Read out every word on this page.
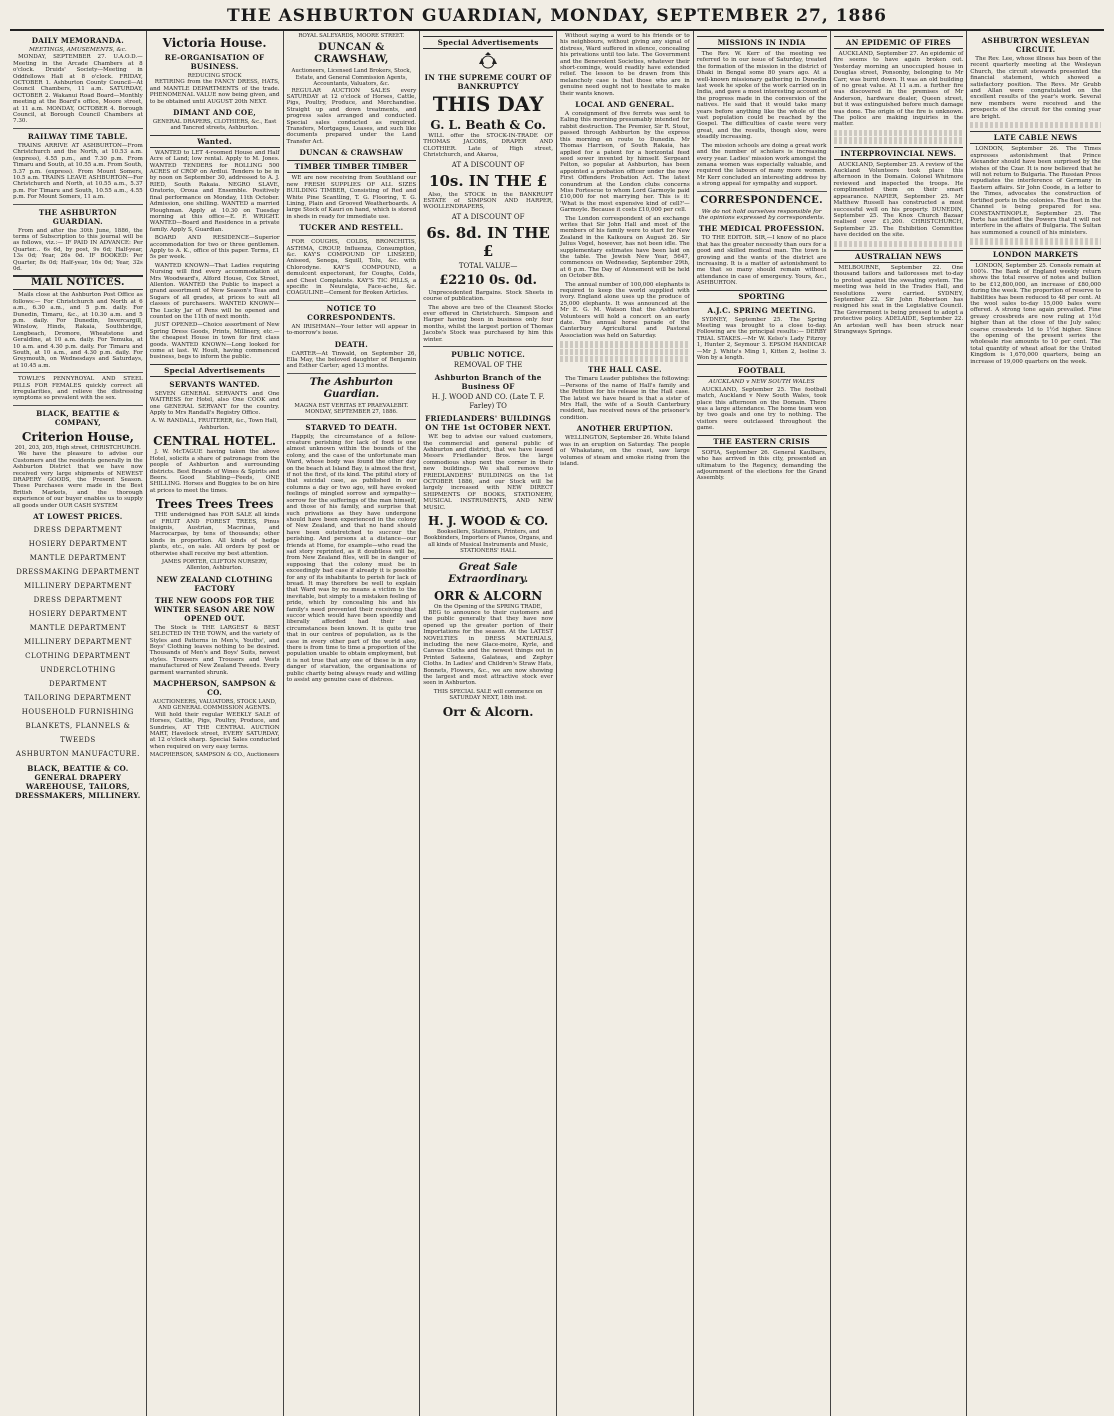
THE ASHBURTON GUARDIAN, MONDAY, SEPTEMBER 27, 1886
DAILY MEMORANDA.
MEETINGS, AMUSEMENTS, &c.

MONDAY, SEPTEMBER 27. U.A.O.D.—Meeting in the Arcade Chambers at 8 o'clock. Druids' Society—Meeting in Oddfellows Hall at 8 o'clock. FRIDAY, OCTOBER 1. Ashburton County Council—At Council Chambers, 11 a.m. SATURDAY, OCTOBER 2. Wakanui Road Board—Monthly meeting at the Board's office, Moore street, at 11 a.m. MONDAY, OCTOBER 4. Borough Council, at Borough Council Chambers at 7.30.

RAILWAY TIME TABLE.

TRAINS ARRIVE AT ASHBURTON—From Christchurch and the North, at 10.53 a.m. (express), 4.55 p.m., and 7.30 p.m. From Timaru and South, at 10.55 a.m. From South, 5.37 p.m. (express). From Mount Somers, 10.5 a.m. TRAINS LEAVE ASHBURTON—For Christchurch and North, at 10.55 a.m., 5.37 p.m. For Timaru and South, 10.55 a.m., 4.55 p.m. For Mount Somers, 11 a.m.

THE ASHBURTON GUARDIAN.

From and after the 30th June, 1886, the terms of Subscription to this journal will be as follows, viz.:— IF PAID IN ADVANCE: Per Quarter... 6s 6d, by post, 9s 6d; Half-year, 13s 0d; Year, 26s 0d. IF BOOKED: Per Quarter, 8s 0d; Half-year, 16s 0d; Year, 32s 0d.

MAIL NOTICES.

Mails close at the Ashburton Post Office as follows:— For Christchurch and North at 6 a.m., 6.30 a.m., and 5 p.m. daily. For Dunedin, Timaru, &c., at 10.30 a.m. and 5 p.m. daily. For Dunedin, Invercargill, Winslow, Hinds, Rakaia, Southbridge, Longbeach, Dromore, Wheatstone and Geraldine, at 10 a.m. daily. For Temuka, at 10 a.m. and 4.30 p.m. daily. For Timaru and South, at 10 a.m., and 4.30 p.m. daily. For Greymouth, on Wednesdays and Saturdays, at 10.45 a.m.

TOWLE'S PENNYROYAL AND STEEL PILLS FOR FEMALES quickly correct all irregularities, and relieve the distressing symptoms so prevalent with the sex.

BLACK, BEATTIE & COMPANY,
Criterion House,
201, 203, 205, High street, CHRISTCHURCH.

We have the pleasure to advise our Customers and the residents generally in the Ashburton District that we have now received very large shipments of NEWEST DRAPERY GOODS, the Present Season. These Purchases were made in the Best British Markets, and the thorough experience of our buyer enables us to supply all goods under OUR CASH SYSTEM

AT LOWEST PRICES.
DRESS DEPARTMENT
HOSIERY DEPARTMENT
MANTLE DEPARTMENT
DRESSMAKING DEPARTMENT
MILLINERY DEPARTMENT
DRESS DEPARTMENT
HOSIERY DEPARTMENT
MANTLE DEPARTMENT
MILLINERY DEPARTMENT
CLOTHING DEPARTMENT
UNDERCLOTHING DEPARTMENT
TAILORING DEPARTMENT
HOUSEHOLD FURNISHING
BLANKETS, FLANNELS & TWEEDS
ASHBURTON MANUFACTURE.
BLACK, BEATTIE & CO. GENERAL DRAPERY WAREHOUSE, TAILORS, DRESSMAKERS, MILLINERY.
Victoria House.
RE-ORGANISATION OF BUSINESS.
REDUCING STOCK

RETIRING from the FANCY DRESS, HATS, and MANTLE DEPARTMENTS of the trade. PHENOMENAL VALUE now being given, and to be obtained until AUGUST 20th NEXT.

DIMANT AND COE,
GENERAL DRAPERS, CLOTHIERS, &c., East and Tancred streets, Ashburton.
Wanted.

WANTED to LET 4-roomed House and Half Acre of Land; low rental. Apply to M. Jones. WANTED TENDERS for ROLLING 500 ACRES of CROP on Ardlui. Tenders to be in by noon on September 30, addressed to A. J. RIED, South Rakaia. NEGRO SLAVE, Oratorio, Oroua and Ensemble. Positively final performance on Monday, 11th October. Admission, one shilling. WANTED a married Ploughman. Apply at 10.30 on Tuesday morning at this office—E. F. WRIGHT. WANTED—Board and Residence in a private family. Apply S, Guardian.

BOARD AND RESIDENCE—Superior accommodation for two or three gentlemen. Apply to A. K., office of this paper. Terms, £1 5s per week.

WANTED KNOWN—That Ladies requiring Nursing will find every accommodation at Mrs Woodward's, Alford House, Cox Street, Allenton. WANTED the Public to inspect a grand assortment of New Season's Teas and Sugars of all grades, at prices to suit all classes of purchasers. WANTED KNOWN—The Lucky Jar of Pens will be opened and counted on the 11th of next month.

JUST OPENED—Choice assortment of New Spring Dress Goods, Prints, Millinery, etc.—the cheapest House in town for first class goods. WANTED KNOWN—Long looked for come at last. W. Hoult, having commenced business, begs to inform the public.

Special Advertisements
SERVANTS WANTED.

SEVEN GENERAL SERVANTS and One WAITRESS for Hotel, also One COOK and one GENERAL SERVANT for the country. Apply to Mrs Randall's Registry Office.

A. W. RANDALL, FRUITERER, &c., Town Hall, Ashburton.
CENTRAL HOTEL.

J. W. McTAGUE having taken the above Hotel, solicits a share of patronage from the people of Ashburton and surrounding districts. Best Brands of Wines & Spirits and Beers. Good Stabling—Feeds, ONE SHILLING. Horses and Buggies to be on hire at prices to meet the times.

Trees Trees Trees

THE undersigned has FOR SALE all kinds of FRUIT AND FOREST TREES, Pinus Insignis, Austrian, Macrinas, and Macrocarpas, by tens of thousands; other kinds in proportion. All kinds of hedge plants, etc., on sale. All orders by post or otherwise shall receive my best attention.

JAMES PORTER, CLIFTON NURSERY, Allenton, Ashburton.
NEW ZEALAND CLOTHING FACTORY
THE NEW GOODS FOR THE WINTER SEASON ARE NOW OPENED OUT.

The Stock is THE LARGEST & BEST SELECTED IN THE TOWN, and the variety of Styles and Patterns in Men's, Youths', and Boys' Clothing leaves nothing to be desired. Thousands of Men's and Boys' Suits, newest styles. Trousers and Trousers and Vests manufactured of New Zealand Tweeds. Every garment warranted shrunk.

MACPHERSON, SAMPSON & CO.
AUCTIONEERS, VALUATORS, STOCK LAND, AND GENERAL COMMISSION AGENTS.

Will hold their regular WEEKLY SALE of Horses, Cattle, Pigs, Poultry, Produce, and Sundries, AT THE CENTRAL AUCTION MART, Havelock street, EVERY SATURDAY, at 12 o'clock sharp. Special Sales conducted when required on very easy terms.

MACPHERSON, SAMPSON & CO., Auctioneers
ROYAL SALEYARDS, MOORE STREET.
DUNCAN & CRAWSHAW,
Auctioneers, Licensed Land Brokers, Stock, Estate, and General Commission Agents, Accountants, Valuators, &c.

REGULAR AUCTION SALES every SATURDAY at 12 o'clock of Horses, Cattle, Pigs, Poultry, Produce, and Merchandise. Straight up and down treatments, and progress sales arranged and conducted. Special sales conducted as required. Transfers, Mortgages, Leases, and such like documents prepared under the Land Transfer Act.

DUNCAN & CRAWSHAW
TIMBER TIMBER TIMBER

WE are now receiving from Southland our new FRESH SUPPLIES OF ALL SIZES BUILDING TIMBER, Consisting of Red and White Pine Scantling, T. G. Flooring, T. G. Lining, Plain and Grooved Weatherboards. A large Stock of Kauri on hand, which is stored in sheds in ready for immediate use.

TUCKER AND RESTELL.

FOR COUGHS, COLDS, BRONCHITIS, ASTHMA, CROUP, Influenza, Consumption, &c. KAY'S COMPOUND OF LINSEED, Aniseed, Senega, Squill, Tolu, &c. with Chlorodyne. KAY'S COMPOUND, a demulcent expectorant, for Coughs, Colds, and Chest Complaints. KAY'S TIC PILLS, a specific in Neuralgia, Face-ache, &c. COAGULINE—Cement for Broken Articles.

NOTICE TO CORRESPONDENTS.

AN IRISHMAN—Your letter will appear in to-morrow's issue.

DEATH.

CARTER—At Tinwald, on September 26, Ella May, the beloved daughter of Benjamin and Esther Carter; aged 13 months.

The Ashburton Guardian.
MAGNA EST VERITAS ET PRAEVALEBIT.
MONDAY, SEPTEMBER 27, 1886.
STARVED TO DEATH.

Happily, the circumstance of a fellow-creature perishing for lack of food is one almost unknown within the bounds of the colony, and the case of the unfortunate man Ward, whose body was found the other day on the beach at Island Bay, is almost the first, if not the first, of its kind. The pitiful story of that suicidal case, as published in our columns a day or two ago, will have evoked feelings of mingled sorrow and sympathy—sorrow for the sufferings of the man himself, and those of his family, and surprise that such privations as they have undergone should have been experienced in the colony of New Zealand, and that no hand should have been outstretched to succour the perishing. And persons at a distance—our friends at Home, for example—who read the sad story reprinted, as it doubtless will be, from New Zealand files, will be in danger of supposing that the colony must be in exceedingly bad case if already it is possible for any of its inhabitants to perish for lack of bread. It may therefore be well to explain that Ward was by no means a victim to the inevitable, but simply to a mistaken feeling of pride, which by concealing his and his family's need prevented their receiving that succor which would have been speedily and liberally afforded had their sad circumstances been known. It is quite true that in our centres of population, as is the case in every other part of the world also, there is from time to time a proportion of the population unable to obtain employment, but it is not true that any one of these is in any danger of starvation, the organisations of public charity being always ready and willing to assist any genuine case of distress.

Special Advertisements
IN THE SUPREME COURT OF BANKRUPTCY
THIS DAY
G. L. Beath & Co.

WILL offer the STOCK-IN-TRADE OF THOMAS JACOBS, DRAPER AND CLOTHIER. Late of High street, Christchurch, and Akaroa,

AT A DISCOUNT OF
10s. IN THE £

Also, the STOCK in the BANKRUPT ESTATE of SIMPSON AND HARPER, WOOLLENDRAPERS,

AT A DISCOUNT OF
6s. 8d. IN THE £
TOTAL VALUE—
£2210 0s. 0d.

Unprecedented Bargains. Stock Sheets in course of publication.

The above are two of the Cleanest Stocks ever offered in Christchurch. Simpson and Harper having been in business only four months, whilst the largest portion of Thomas Jacobs's Stock was purchased by him this winter.

PUBLIC NOTICE.
REMOVAL OF THE
Ashburton Branch of the Business OF
H. J. WOOD AND CO. (Late T. F. Farley) TO
FRIEDLANDERS' BUILDINGS ON THE 1st OCTOBER NEXT.

WE beg to advise our valued customers, the commercial and general public of Ashburton and district, that we have leased Messrs Friedlander Bros. the large commodious shop next the corner in their new buildings. We shall remove to FRIEDLANDERS' BUILDINGS on the 1st OCTOBER 1886, and our Stock will be largely increased with NEW DIRECT SHIPMENTS OF BOOKS, STATIONERY, MUSICAL INSTRUMENTS, AND NEW MUSIC.

H. J. WOOD & CO.
Booksellers, Stationers, Printers, and Bookbinders, Importers of Pianos, Organs, and all kinds of Musical Instruments and Music, STATIONERS' HALL
Great Sale Extraordinary.
ORR & ALCORN
On the Opening of the SPRING TRADE,

BEG to announce to their customers and the public generally that they have now opened up the greater portion of their Importations for the season. At the LATEST NOVELTIES in DRESS MATERIALS, including the new Glace-moire, Kyrle, and Canvas Cloths and the newest things out in Printed Sateens, Galateas, and Zephyr Cloths. In Ladies' and Children's Straw Hats, Bonnets, Flowers, &c., we are now showing the largest and most attractive stock ever seen in Ashburton.

THIS SPECIAL SALE will commence on SATURDAY NEXT, 18th inst.
Orr & Alcorn.

Without saying a word to his friends or to his neighbours, without giving any signal of distress, Ward suffered in silence, concealing his privations until too late. The Government and the Benevolent Societies, whatever their short-comings, would readily have extended relief. The lesson to be drawn from this melancholy case is that those who are in genuine need ought not to hesitate to make their wants known.

LOCAL AND GENERAL.

A consignment of five ferrets was sent to Ealing this morning presumably intended for rabbit destruction. The Premier, Sir R. Stout, passed through Ashburton by the express this morning en route to Dunedin. Mr Thomas Harrison, of South Rakaia, has applied for a patent for a horizontal feed seed sower invented by himself. Sergeant Felton, so popular at Ashburton, has been appointed a probation officer under the new First Offenders Probation Act. The latest conundrum at the London clubs concerns Miss Fortescue to whom Lord Garmoyle paid £10,000 for not marrying her. This is it: 'What is the most expensive kind of cell?'—Garmoyle. Because it costs £10,000 per cell.

The London correspondent of an exchange writes that Sir John Hall and most of the members of his family were to start for New Zealand in the Kaikoura on August 26. Sir Julius Vogel, however, has not been idle. The supplementary estimates have been laid on the table. The Jewish New Year, 5647, commences on Wednesday, September 29th, at 6 p.m. The Day of Atonement will be held on October 8th.

The annual number of 100,000 elephants is required to keep the world supplied with ivory. England alone uses up the produce of 25,000 elephants. It was announced at the Mr E. G. M. Watson that the Ashburton Volunteers will hold a concert on an early date. The annual horse parade of the Canterbury Agricultural and Pastoral Association was held on Saturday.

THE HALL CASE.

The Timaru Leader publishes the following:—Persons of the name of Hall's family and the Petition for his release in the Hall case. The latest we have heard is that a sister of Mrs Hall, the wife of a South Canterbury resident, has received news of the prisoner's condition.

ANOTHER ERUPTION.

WELLINGTON, September 26. White Island was in an eruption on Saturday. The people of Whakatane, on the coast, saw large volumes of steam and smoke rising from the island.

MISSIONS IN INDIA

The Rev. W. Kerr of the meeting we referred to in our issue of Saturday, treated the formation of the mission in the district of Dhaki in Bengal some 80 years ago. At a well-known missionary gathering in Dunedin last week he spoke of the work carried on in India, and gave a most interesting account of the progress made in the conversion of the natives. He said that it would take many years before anything like the whole of the vast population could be reached by the Gospel. The difficulties of caste were very great, and the results, though slow, were steadily increasing.

The mission schools are doing a great work and the number of scholars is increasing every year. Ladies' mission work amongst the zenana women was especially valuable, and required the labours of many more women. Mr Kerr concluded an interesting address by a strong appeal for sympathy and support.

CORRESPONDENCE.
We do not hold ourselves responsible for the opinions expressed by correspondents.
THE MEDICAL PROFESSION.

TO THE EDITOR. SIR,—I know of no place that has the greater necessity than ours for a good and skilled medical man. The town is growing and the wants of the district are increasing. It is a matter of astonishment to me that so many should remain without attendance in case of emergency. Yours, &c., ASHBURTON.

SPORTING
A.J.C. SPRING MEETING.

SYDNEY, September 25. The Spring Meeting was brought to a close to-day. Following are the principal results:— DERBY TRIAL STAKES.—Mr W. Kelso's Lady Fitzroy 1, Hunter 2, Seymour 3. EPSOM HANDICAP.—Mr J. White's Ming 1, Kitten 2, Isoline 3. Won by a length.

FOOTBALL
AUCKLAND v NEW SOUTH WALES

AUCKLAND, September 25. The football match, Auckland v New South Wales, took place this afternoon on the Domain. There was a large attendance. The home team won by two goals and one try to nothing. The visitors were outclassed throughout the game.

THE EASTERN CRISIS

SOFIA, September 26. General Kaulbars, who has arrived in this city, presented an ultimatum to the Regency, demanding the adjournment of the elections for the Grand Assembly.

AN EPIDEMIC OF FIRES

AUCKLAND, September 27. An epidemic of fire seems to have again broken out. Yesterday morning an unoccupied house in Douglas street, Ponsonby, belonging to Mr Carr, was burnt down. It was an old building of no great value. At 11 a.m. a further fire was discovered in the premises of Mr Anderson, hardware dealer, Queen street, but it was extinguished before much damage was done. The origin of the fire is unknown. The police are making inquiries in the matter.

INTERPROVINCIAL NEWS.

AUCKLAND, September 25. A review of the Auckland Volunteers took place this afternoon in the Domain. Colonel Whitmore reviewed and inspected the troops. He complimented them on their smart appearance. NAPIER, September 25. Mr Matthew Russell has constructed a most successful well on his property. DUNEDIN, September 25. The Knox Church Bazaar realised over £1,200. CHRISTCHURCH, September 25. The Exhibition Committee have decided on the site.

AUSTRALIAN NEWS

MELBOURNE, September 22. One thousand tailors and tailoresses met to-day to protest against the sweating system. The meeting was held in the Trades Hall, and resolutions were carried. SYDNEY, September 22. Sir John Robertson has resigned his seat in the Legislative Council. The Government is being pressed to adopt a protective policy. ADELAIDE, September 22. An artesian well has been struck near Strangways Springs.

ASHBURTON WESLEYAN CIRCUIT.

The Rev. Lee, whose illness has been of the recent quarterly meeting at the Wesleyan Church, the circuit stewards presented the financial statement, which showed a satisfactory position. The Revs. Mr Grubb and Allan were congratulated on the excellent results of the year's work. Several new members were received and the prospects of the circuit for the coming year are bright.

LATE CABLE NEWS

LONDON, September 26. The Times expresses astonishment that Prince Alexander should have been surprised by the wishes of the Czar. It is now believed that he will not return to Bulgaria. The Russian Press repudiates the interference of Germany in Eastern affairs. Sir John Coode, in a letter to the Times, advocates the construction of fortified ports in the colonies. The fleet in the Channel is being prepared for sea. CONSTANTINOPLE, September 25. The Porte has notified the Powers that it will not interfere in the affairs of Bulgaria. The Sultan has summoned a council of his ministers.

LONDON MARKETS

LONDON, September 25. Consols remain at 100⅞. The Bank of England weekly return shows the total reserve of notes and bullion to be £12,800,000, an increase of £80,000 during the week. The proportion of reserve to liabilities has been reduced to 48 per cent. At the wool sales to-day 15,000 bales were offered. A strong tone again prevailed. Fine greasy crossbreds are now ruling at 1½d higher than at the close of the July sales; coarse crossbreds 1d to 1½d higher. Since the opening of the present series the wholesale rise amounts to 10 per cent. The total quantity of wheat afloat for the United Kingdom is 1,670,000 quarters, being an increase of 19,000 quarters on the week.
